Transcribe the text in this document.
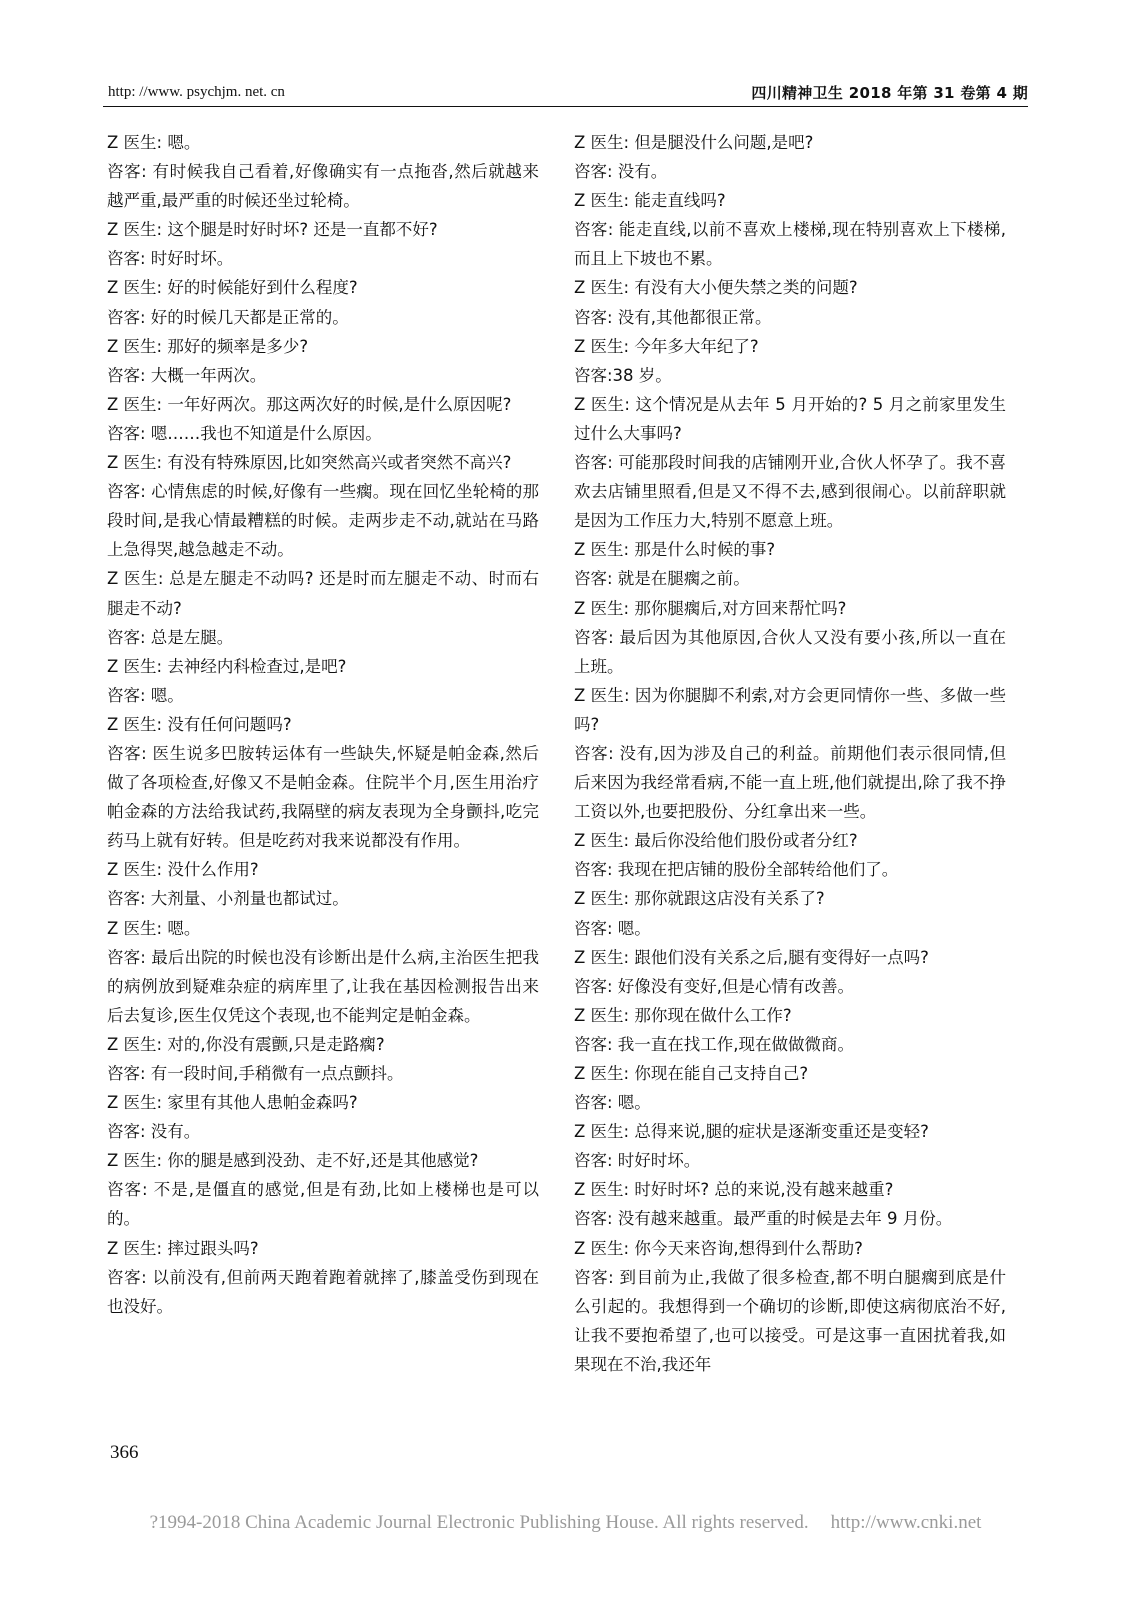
http: //www. psychjm. net. cn	四川精神卫生 2018 年第 31 卷第 4 期

Z 医生: 嗯。

咨客: 有时候我自己看着,好像确实有一点拖沓,然后就越来越严重,最严重的时候还坐过轮椅。

Z 医生: 这个腿是时好时坏? 还是一直都不好?

咨客: 时好时坏。

Z 医生: 好的时候能好到什么程度?

咨客: 好的时候几天都是正常的。

Z 医生: 那好的频率是多少?

咨客: 大概一年两次。

Z 医生: 一年好两次。那这两次好的时候,是什么原因呢?

咨客: 嗯……我也不知道是什么原因。

Z 医生: 有没有特殊原因,比如突然高兴或者突然不高兴?

咨客: 心情焦虑的时候,好像有一些瘸。现在回忆坐轮椅的那段时间,是我心情最糟糕的时候。走两步走不动,就站在马路上急得哭,越急越走不动。

Z 医生: 总是左腿走不动吗? 还是时而左腿走不动、时而右腿走不动?

咨客: 总是左腿。

Z 医生: 去神经内科检查过,是吧?

咨客: 嗯。

Z 医生: 没有任何问题吗?

咨客: 医生说多巴胺转运体有一些缺失,怀疑是帕金森,然后做了各项检查,好像又不是帕金森。住院半个月,医生用治疗帕金森的方法给我试药,我隔壁的病友表现为全身颤抖,吃完药马上就有好转。但是吃药对我来说都没有作用。

Z 医生: 没什么作用?

咨客: 大剂量、小剂量也都试过。

Z 医生: 嗯。

咨客: 最后出院的时候也没有诊断出是什么病,主治医生把我的病例放到疑难杂症的病库里了,让我在基因检测报告出来后去复诊,医生仅凭这个表现,也不能判定是帕金森。

Z 医生: 对的,你没有震颤,只是走路瘸?

咨客: 有一段时间,手稍微有一点点颤抖。

Z 医生: 家里有其他人患帕金森吗?

咨客: 没有。

Z 医生: 你的腿是感到没劲、走不好,还是其他感觉?

咨客: 不是,是僵直的感觉,但是有劲,比如上楼梯也是可以的。

Z 医生: 摔过跟头吗?

咨客: 以前没有,但前两天跑着跑着就摔了,膝盖受伤到现在也没好。

Z 医生: 但是腿没什么问题,是吧?

咨客: 没有。

Z 医生: 能走直线吗?

咨客: 能走直线,以前不喜欢上楼梯,现在特别喜欢上下楼梯,而且上下坡也不累。

Z 医生: 有没有大小便失禁之类的问题?

咨客: 没有,其他都很正常。

Z 医生: 今年多大年纪了?

咨客:38 岁。

Z 医生: 这个情况是从去年 5 月开始的? 5 月之前家里发生过什么大事吗?

咨客: 可能那段时间我的店铺刚开业,合伙人怀孕了。我不喜欢去店铺里照看,但是又不得不去,感到很闹心。以前辞职就是因为工作压力大,特别不愿意上班。

Z 医生: 那是什么时候的事?

咨客: 就是在腿瘸之前。

Z 医生: 那你腿瘸后,对方回来帮忙吗?

咨客: 最后因为其他原因,合伙人又没有要小孩,所以一直在上班。

Z 医生: 因为你腿脚不利索,对方会更同情你一些、多做一些吗?

咨客: 没有,因为涉及自己的利益。前期他们表示很同情,但后来因为我经常看病,不能一直上班,他们就提出,除了我不挣工资以外,也要把股份、分红拿出来一些。

Z 医生: 最后你没给他们股份或者分红?

咨客: 我现在把店铺的股份全部转给他们了。

Z 医生: 那你就跟这店没有关系了?

咨客: 嗯。

Z 医生: 跟他们没有关系之后,腿有变得好一点吗?

咨客: 好像没有变好,但是心情有改善。

Z 医生: 那你现在做什么工作?

咨客: 我一直在找工作,现在做做微商。

Z 医生: 你现在能自己支持自己?

咨客: 嗯。

Z 医生: 总得来说,腿的症状是逐渐变重还是变轻?

咨客: 时好时坏。

Z 医生: 时好时坏? 总的来说,没有越来越重?

咨客: 没有越来越重。最严重的时候是去年 9 月份。

Z 医生: 你今天来咨询,想得到什么帮助?

咨客: 到目前为止,我做了很多检查,都不明白腿瘸到底是什么引起的。我想得到一个确切的诊断,即使这病彻底治不好,让我不要抱希望了,也可以接受。可是这事一直困扰着我,如果现在不治,我还年

366
?1994-2018 China Academic Journal Electronic Publishing House. All rights reserved. http://www.cnki.net
